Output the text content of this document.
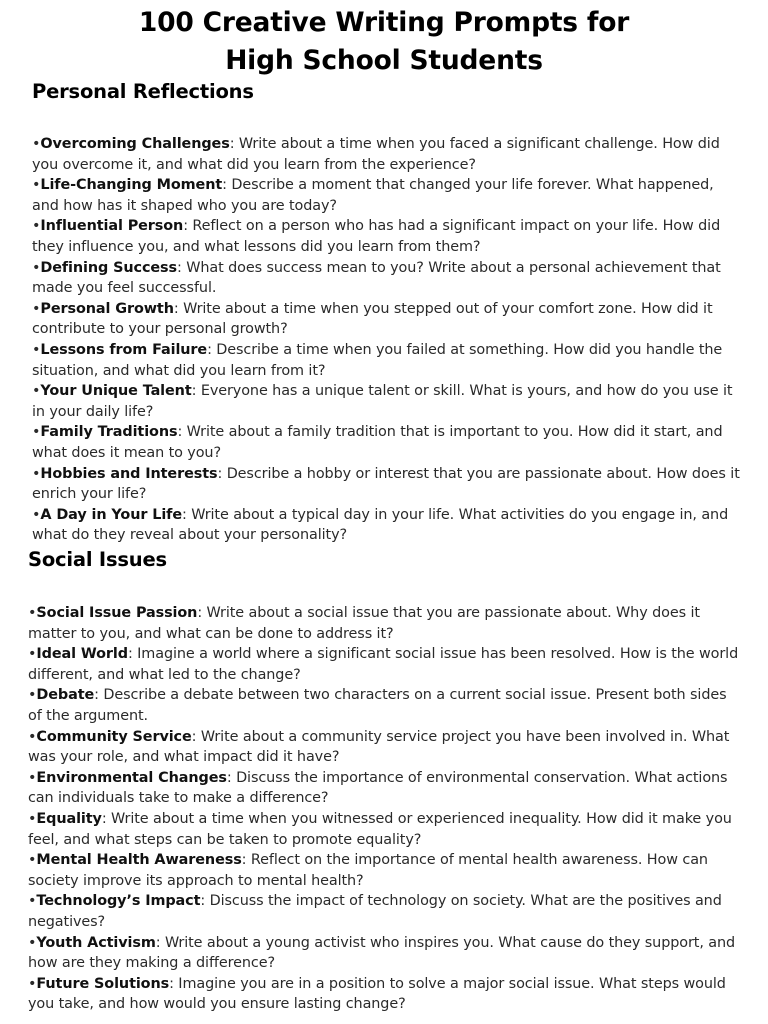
100 Creative Writing Prompts for
High School Students
Personal Reflections
•Overcoming Challenges: Write about a time when you faced a significant challenge. How did you overcome it, and what did you learn from the experience?
•Life-Changing Moment: Describe a moment that changed your life forever. What happened, and how has it shaped who you are today?
•Influential Person: Reflect on a person who has had a significant impact on your life. How did they influence you, and what lessons did you learn from them?
•Defining Success: What does success mean to you? Write about a personal achievement that made you feel successful.
•Personal Growth: Write about a time when you stepped out of your comfort zone. How did it contribute to your personal growth?
•Lessons from Failure: Describe a time when you failed at something. How did you handle the situation, and what did you learn from it?
•Your Unique Talent: Everyone has a unique talent or skill. What is yours, and how do you use it in your daily life?
•Family Traditions: Write about a family tradition that is important to you. How did it start, and what does it mean to you?
•Hobbies and Interests: Describe a hobby or interest that you are passionate about. How does it enrich your life?
•A Day in Your Life: Write about a typical day in your life. What activities do you engage in, and what do they reveal about your personality?
Social Issues
•Social Issue Passion: Write about a social issue that you are passionate about. Why does it matter to you, and what can be done to address it?
•Ideal World: Imagine a world where a significant social issue has been resolved. How is the world different, and what led to the change?
•Debate: Describe a debate between two characters on a current social issue. Present both sides of the argument.
•Community Service: Write about a community service project you have been involved in. What was your role, and what impact did it have?
•Environmental Changes: Discuss the importance of environmental conservation. What actions can individuals take to make a difference?
•Equality: Write about a time when you witnessed or experienced inequality. How did it make you feel, and what steps can be taken to promote equality?
•Mental Health Awareness: Reflect on the importance of mental health awareness. How can society improve its approach to mental health?
•Technology’s Impact: Discuss the impact of technology on society. What are the positives and negatives?
•Youth Activism: Write about a young activist who inspires you. What cause do they support, and how are they making a difference?
•Future Solutions: Imagine you are in a position to solve a major social issue. What steps would you take, and how would you ensure lasting change?
